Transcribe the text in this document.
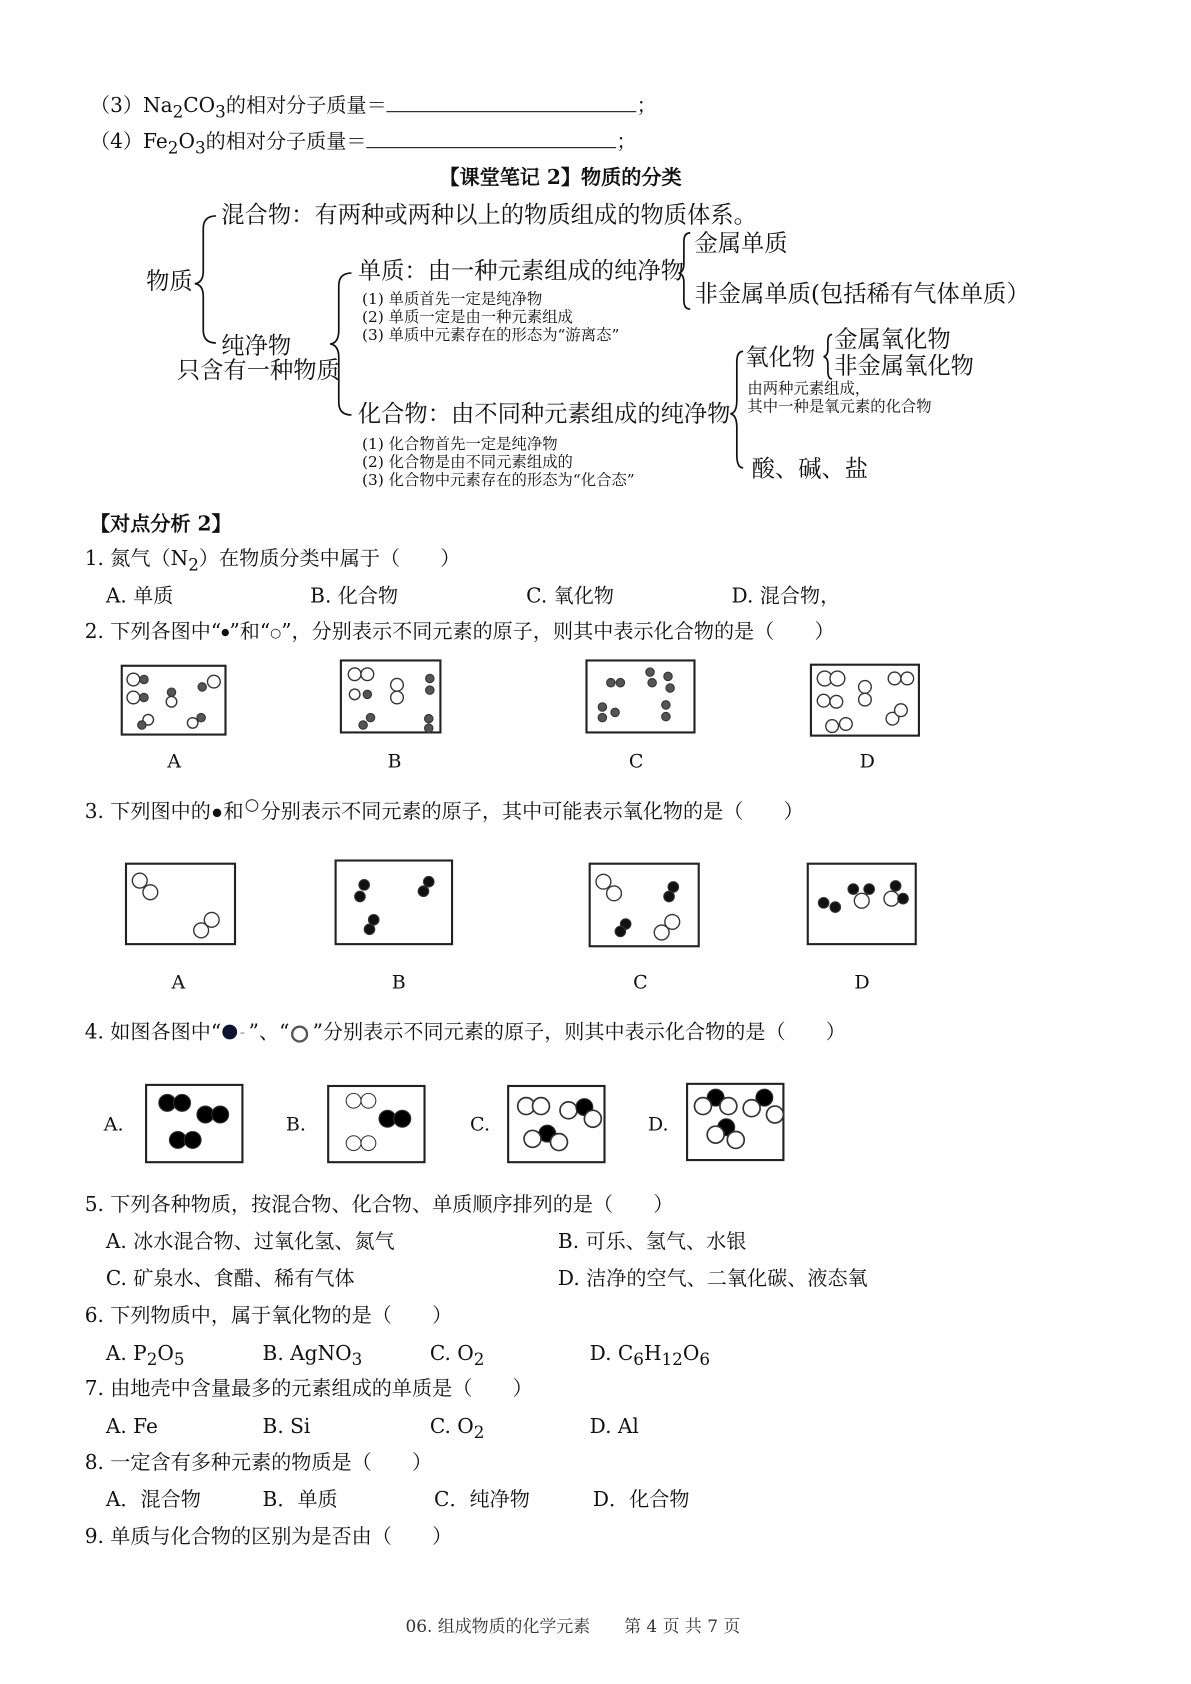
$(3)Na_2CO_3$的相对分子质量＝	；
$(4)Fe_2O_3$的相对分子质量＝	；
【课堂笔记 2】物质的分类
物质
混合物：有两种或两种以上的物质组成的物质体系。
纯净物
只含有一种物质
单质：由一种元素组成的纯净物
(1) 单质首先一定是纯净物
(2) 单质一定是由一种元素组成
(3) 单质中元素存在的形态为“游离态”
金属单质
非金属单质(包括稀有气体单质）
化合物：由不同种元素组成的纯净物
(1) 化合物首先一定是纯净物
(2) 化合物是由不同元素组成的
(3) 化合物中元素存在的形态为“化合态”
氧化物
由两种元素组成，
其中一种是氧元素的化合物
金属氧化物
非金属氧化物
酸、碱、盐
【对点分析 2】
1. 氮气$(N_2)$在物质分类中属于（　　）
A. 单质	B. 化合物	C. 氧化物	D. 混合物，
2. 下列各图中“●”和“○”，分别表示不同元素的原子，则其中表示化合物的是（　　）
A	B	C	D
3. 下列图中的 和 分别表示不同元素的原子，其中可能表示氧化物的是（　　）
A	B	C	D
4. 如图各图中“ ”、“ ”分别表示不同元素的原子，则其中表示化合物的是（　　）
A.	B.	C.	D.
5. 下列各种物质，按混合物、化合物、单质顺序排列的是（　　）
A. 冰水混合物、过氧化氢、氮气	B. 可乐、氢气、水银
C. 矿泉水、食醋、稀有气体	D. 洁净的空气、二氧化碳、液态氧
6. 下列物质中，属于氧化物的是（　　）
A. $P_2O_5$	B. AgNO$_3$	C. $O_2$	D. $C_6H_{12}O_6$
7. 由地壳中含量最多的元素组成的单质是（　　）
A. Fe	B. Si	C. $O_2$	D. Al
8. 一定含有多种元素的物质是（　　）
A．混合物	B．单质	C．纯净物	D．化合物
9. 单质与化合物的区别为是否由（　　）
06. 组成物质的化学元素　　第 4 页 共 7 页
